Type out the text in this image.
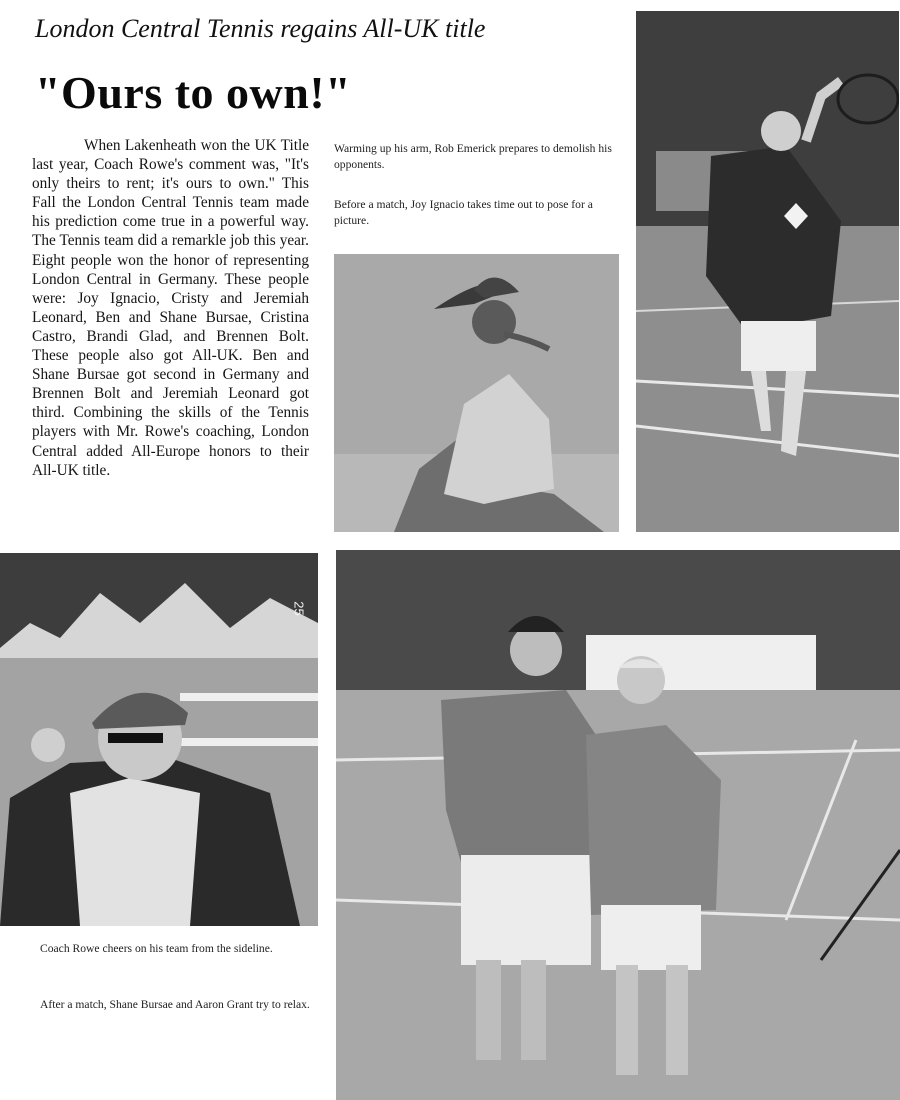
London Central Tennis regains All-UK title
"Ours to own!"

When Lakenheath won the UK Title last year, Coach Rowe's comment was, "It's only theirs to rent; it's ours to own." This Fall the London Central Tennis team made his prediction come true in a powerful way. The Tennis team did a remarkle job this year. Eight people won the honor of representing London Central in Germany. These people were: Joy Ignacio, Cristy and Jeremiah Leonard, Ben and Shane Bursae, Cristina Castro, Brandi Glad, and Brennen Bolt. These people also got All-UK. Ben and Shane Bursae got second in Germany and Brennen Bolt and Jeremiah Leonard got third. Combining the skills of the Tennis players with Mr. Rowe's coaching, London Central added All-Europe honors to their All-UK title.

Warming up his arm, Rob Emerick prepares to demolish his opponents.
Before a match, Joy Ignacio takes time out to pose for a picture.
25
Coach Rowe cheers on his team from the sideline.
After a match, Shane Bursae and Aaron Grant try to relax.
